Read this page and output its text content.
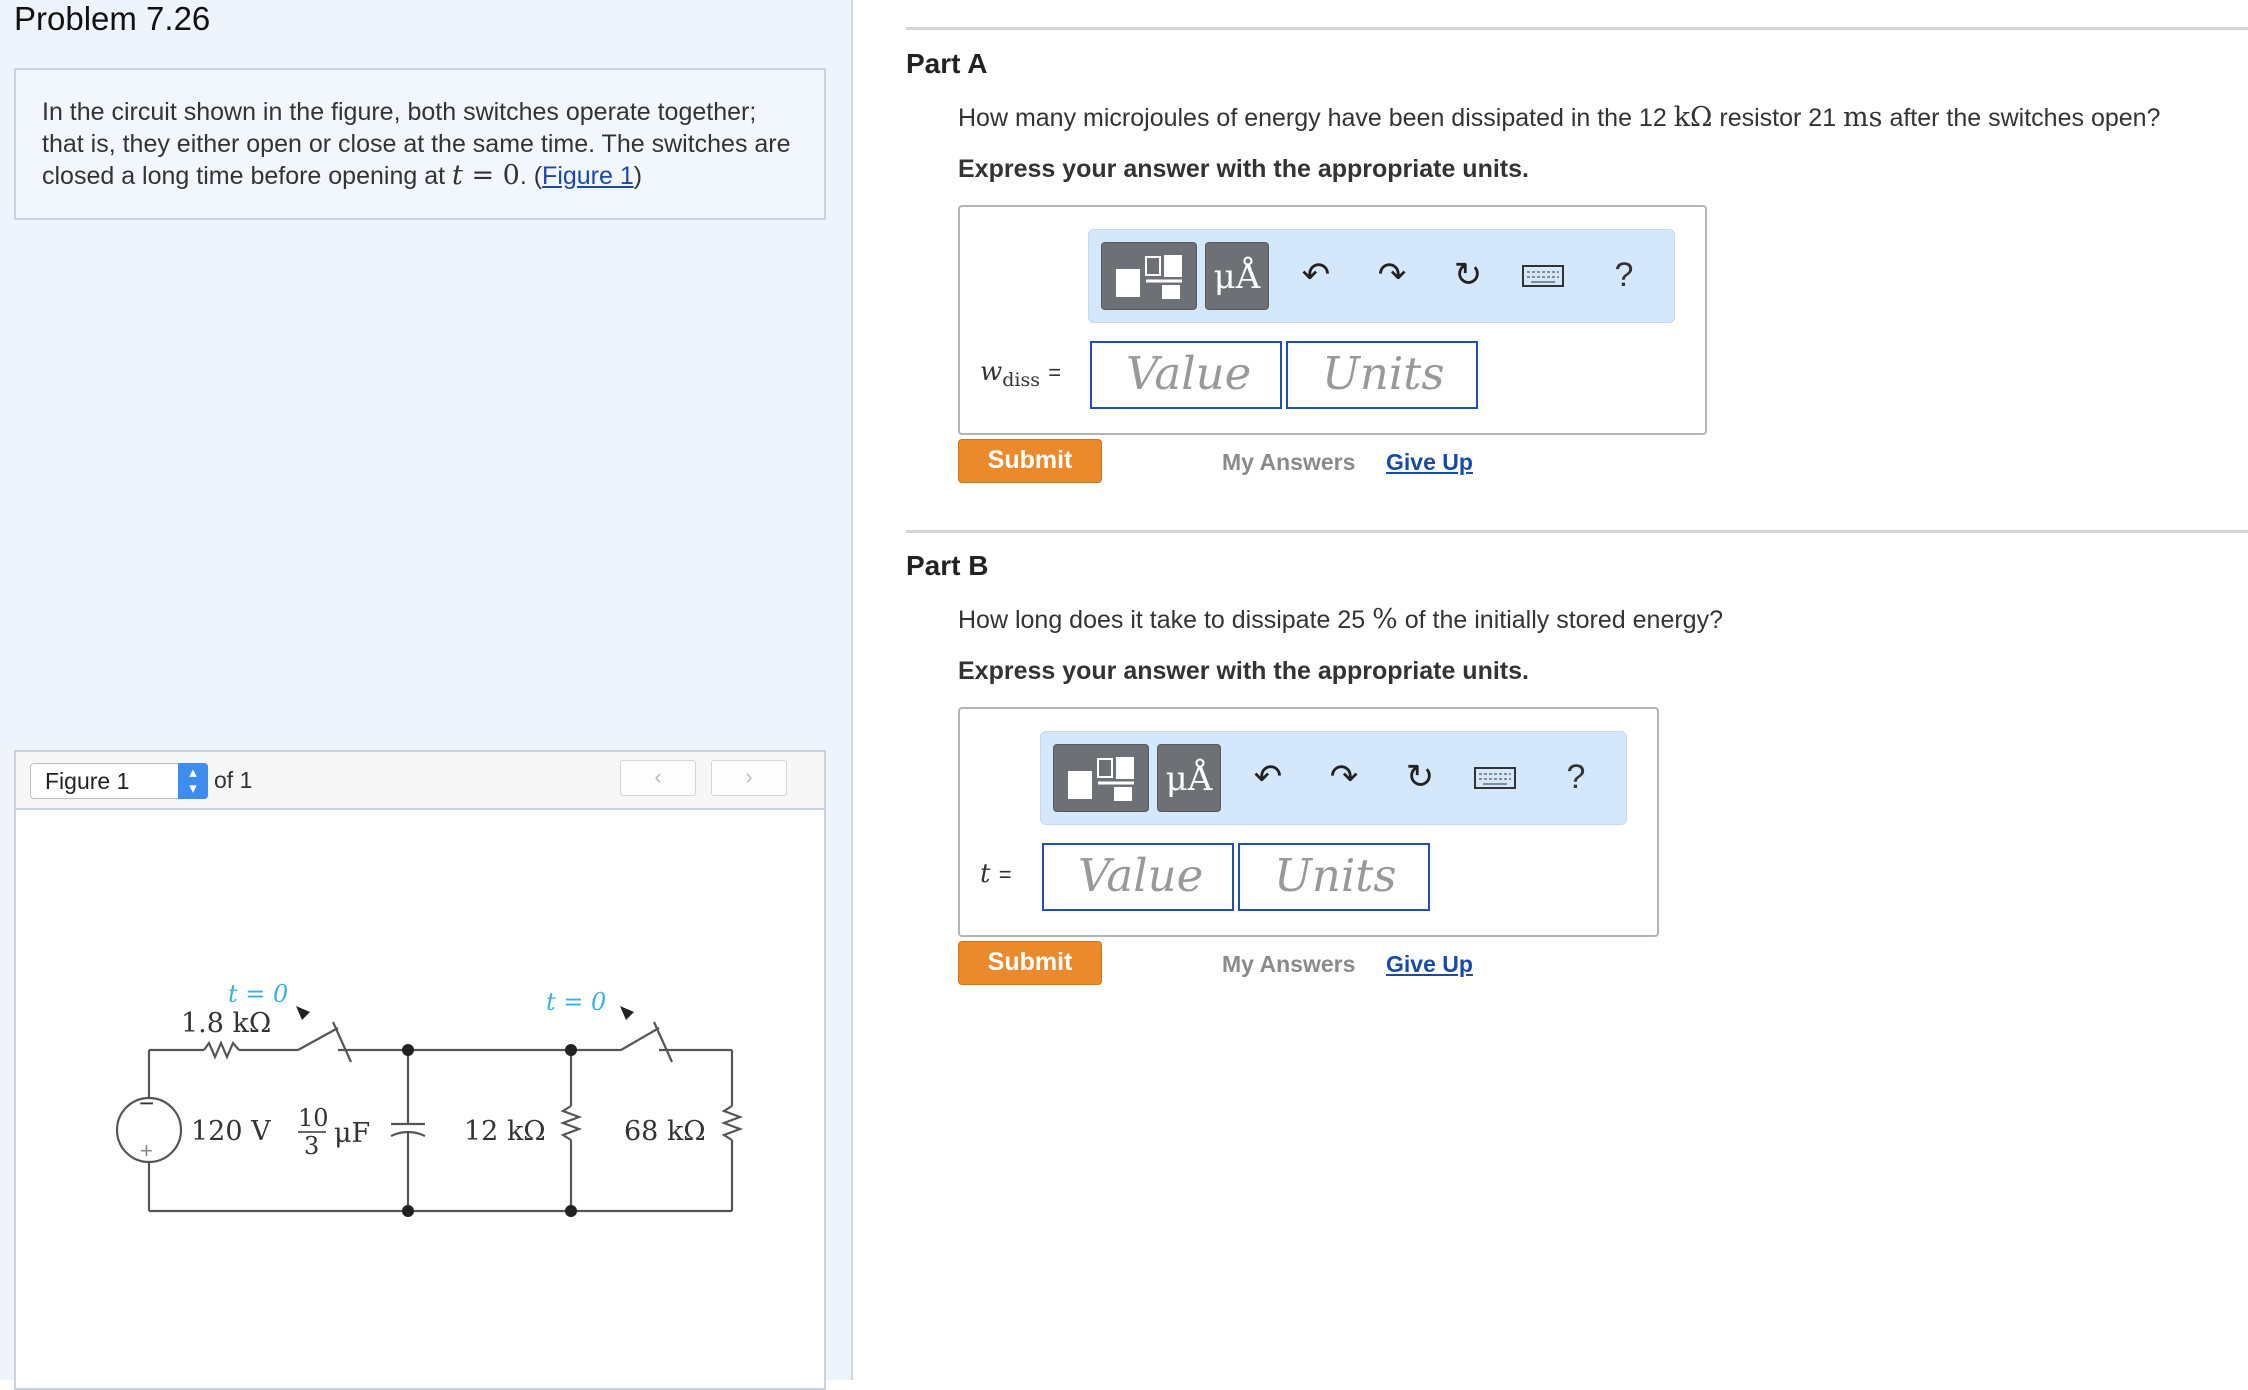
Problem 7.26
In the circuit shown in the figure, both switches operate together; that is, they either open or close at the same time. The switches are closed a long time before opening at t = 0. (Figure 1)
Figure 1	▴
▾ of 1	‹	›
t = 0	t = 0
1.8 kΩ
120 V 10
3 μF	12 kΩ	68 kΩ
−
+
Part A
How many microjoules of energy have been dissipated in the 12 kΩ resistor 21 ms after the switches open?
Express your answer with the appropriate units.
μÅ	↶	↷	↻	?
$w_{diss}$ =	Value	Units
Submit	My Answers Give Up
Part B
How long does it take to dissipate 25 % of the initially stored energy?
Express your answer with the appropriate units.
μÅ	↶	↷	↻	?
t =	Value	Units
Submit	My Answers Give Up
